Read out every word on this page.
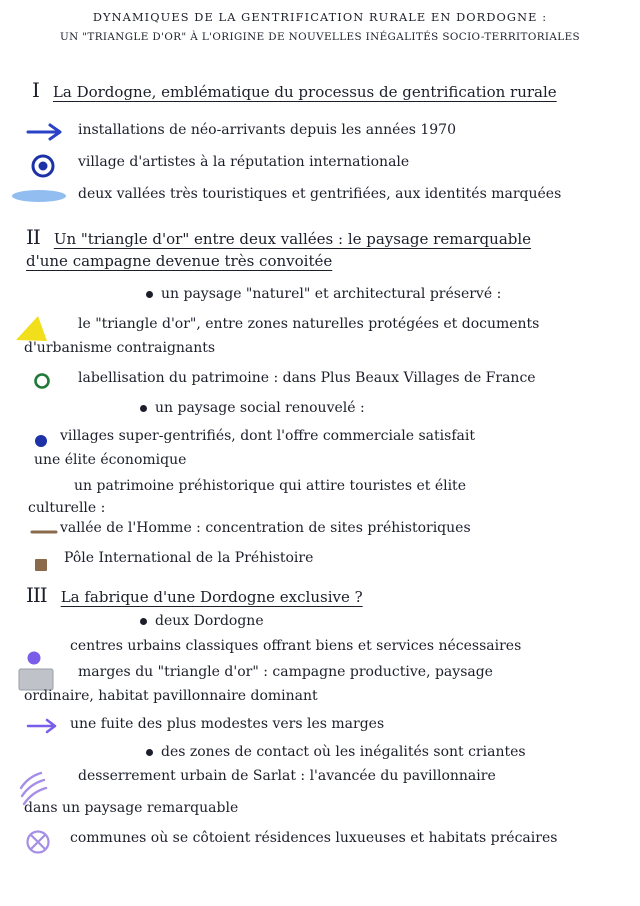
DYNAMIQUES DE LA GENTRIFICATION RURALE EN DORDOGNE :
UN "TRIANGLE D'OR" À L'ORIGINE DE NOUVELLES INÉGALITÉS SOCIO-TERRITORIALES
I La Dordogne, emblématique du processus de gentrification rurale
installations de néo-arrivants depuis les années 1970
village d'artistes à la réputation internationale
deux vallées très touristiques et gentrifiées, aux identités marquées
II Un "triangle d'or" entre deux vallées : le paysage remarquable
d'une campagne devenue très convoitée
un paysage "naturel" et architectural préservé :
le "triangle d'or", entre zones naturelles protégées et documents
d'urbanisme contraignants
labellisation du patrimoine : dans Plus Beaux Villages de France
un paysage social renouvelé :
villages super-gentrifiés, dont l'offre commerciale satisfait
une élite économique
un patrimoine préhistorique qui attire touristes et élite
culturelle :
vallée de l'Homme : concentration de sites préhistoriques
Pôle International de la Préhistoire
III La fabrique d'une Dordogne exclusive ?
deux Dordogne
centres urbains classiques offrant biens et services nécessaires
marges du "triangle d'or" : campagne productive, paysage
ordinaire, habitat pavillonnaire dominant
une fuite des plus modestes vers les marges
des zones de contact où les inégalités sont criantes
desserrement urbain de Sarlat : l'avancée du pavillonnaire
dans un paysage remarquable
communes où se côtoient résidences luxueuses et habitats précaires
